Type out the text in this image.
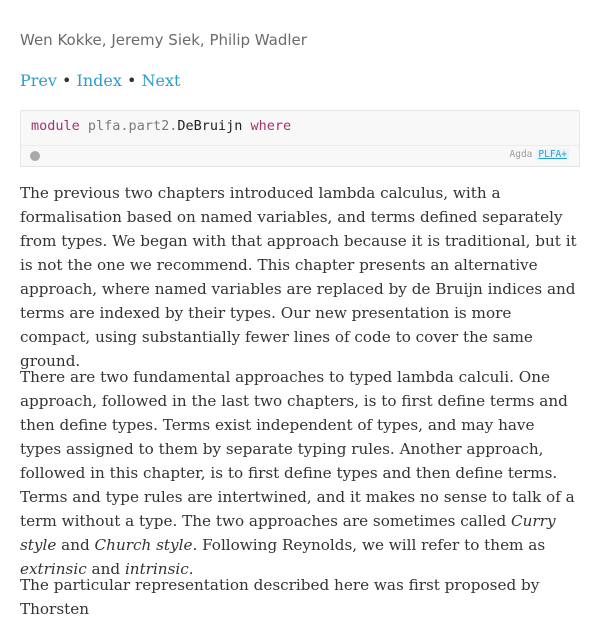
Wen Kokke, Jeremy Siek, Philip Wadler
Prev • Index • Next
module plfa.part2.DeBruijn where
Agda PLFA+

The previous two chapters introduced lambda calculus, with a formalisation based on named variables, and terms defined separately from types. We began with that approach because it is traditional, but it is not the one we recommend. This chapter presents an alternative approach, where named variables are replaced by de Bruijn indices and terms are indexed by their types. Our new presentation is more compact, using substantially fewer lines of code to cover the same ground.

There are two fundamental approaches to typed lambda calculi. One approach, followed in the last two chapters, is to first define terms and then define types. Terms exist independent of types, and may have types assigned to them by separate typing rules. Another approach, followed in this chapter, is to first define types and then define terms. Terms and type rules are intertwined, and it makes no sense to talk of a term without a type. The two approaches are sometimes called Curry style and Church style. Following Reynolds, we will refer to them as extrinsic and intrinsic.

The particular representation described here was first proposed by Thorsten
